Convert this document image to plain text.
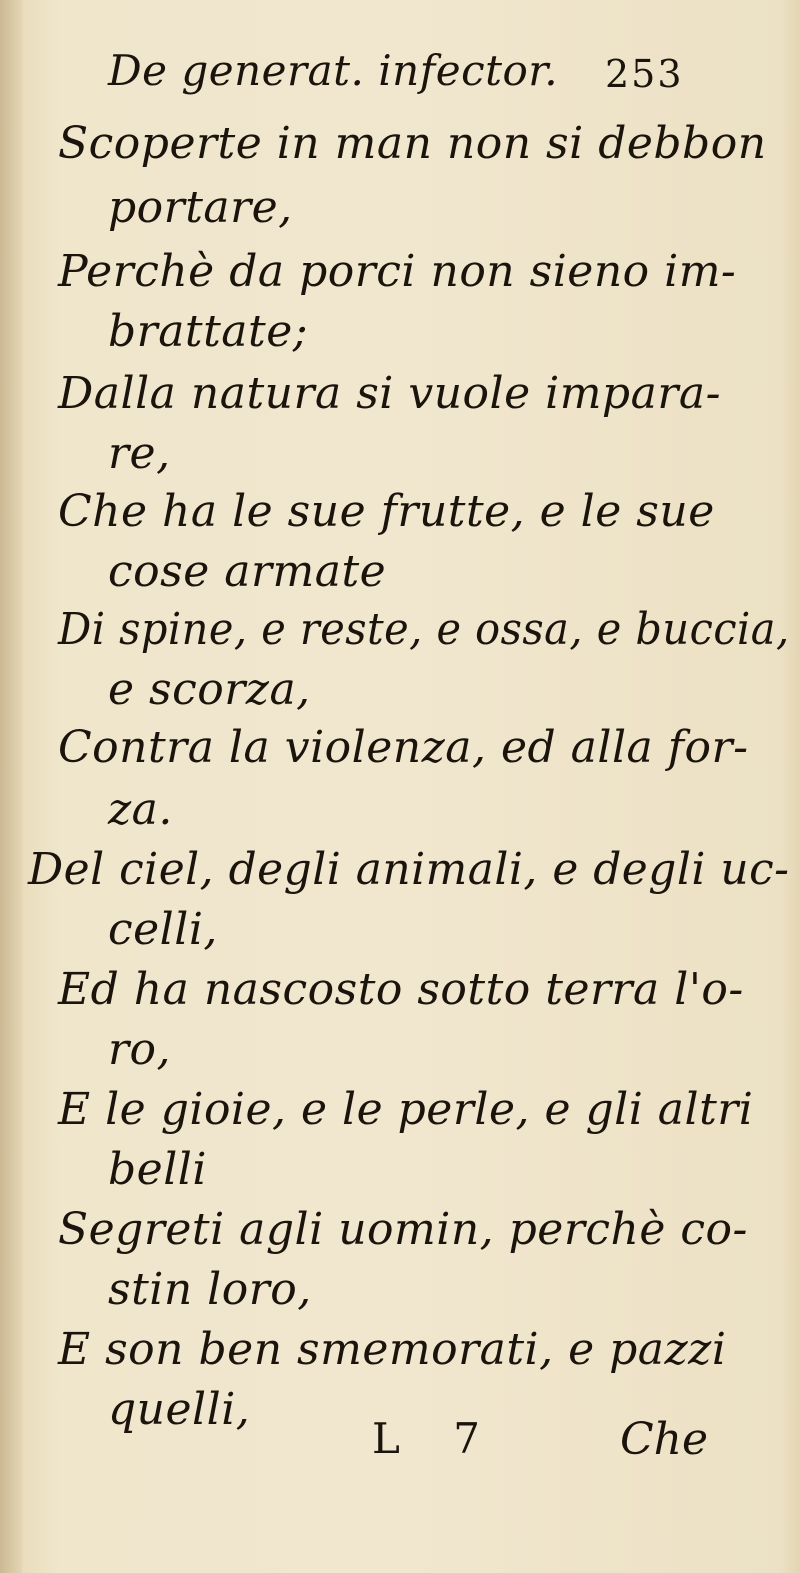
De generat. infector. 253
Scoperte in man non si debbon
portare,
Perchè da porci non sieno im-
brattate;
Dalla natura si vuole impara-
re,
Che ha le sue frutte, e le sue
cose armate
Di spine, e reste, e ossa, e buccia,
e scorza,
Contra la violenza, ed alla for-
za.
Del ciel, degli animali, e degli uc-
celli,
Ed ha nascosto sotto terra l'o-
ro,
E le gioie, e le perle, e gli altri
belli
Segreti agli uomin, perchè co-
stin loro,
E son ben smemorati, e pazzi
quelli,
L 7	Che
